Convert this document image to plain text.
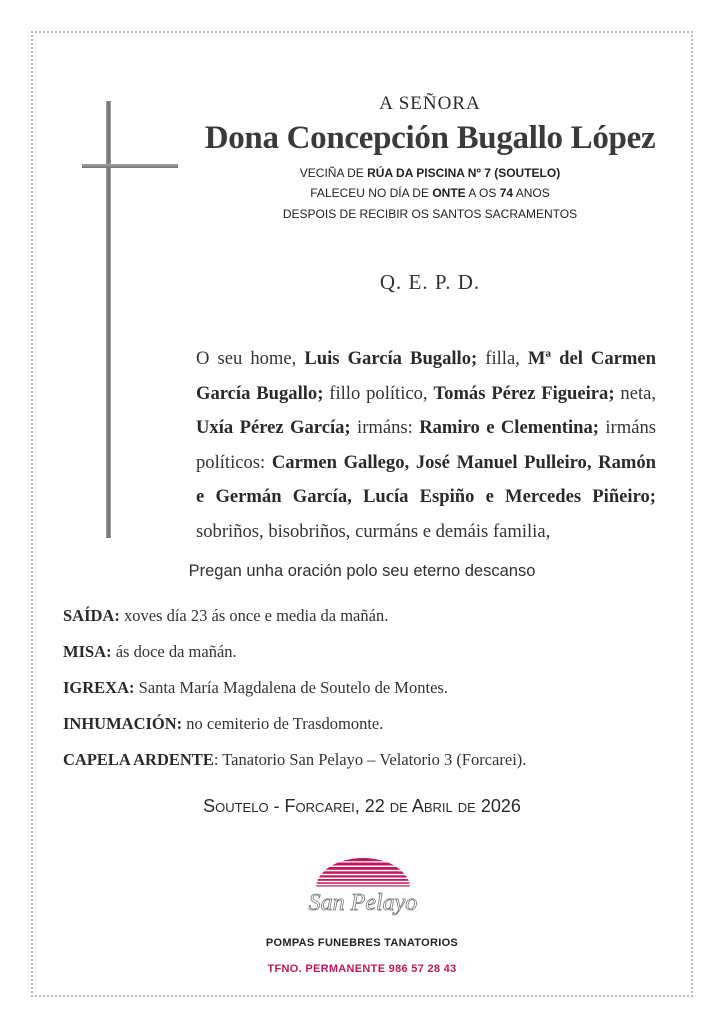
A SEÑORA
Dona Concepción Bugallo López
VECIÑA DE RÚA DA PISCINA Nº 7 (SOUTELO)
FALECEU NO DÍA DE ONTE A OS 74 ANOS
DESPOIS DE RECIBIR OS SANTOS SACRAMENTOS
Q. E. P. D.
O seu home, Luis García Bugallo; filla, Mª del Carmen García Bugallo; fillo político, Tomás Pérez Figueira; neta, Uxía Pérez García; irmáns: Ramiro e Clementina; irmáns políticos: Carmen Gallego, José Manuel Pulleiro, Ramón e Germán García, Lucía Espiño e Mercedes Piñeiro; sobriños, bisobriños, curmáns e demáis familia,
Pregan unha oración polo seu eterno descanso
SAÍDA: xoves día 23 ás once e media da mañán.
MISA: ás doce da mañán.
IGREXA: Santa María Magdalena de Soutelo de Montes.
INHUMACIÓN: no cemiterio de Trasdomonte.
CAPELA ARDENTE: Tanatorio San Pelayo – Velatorio 3 (Forcarei).
Soutelo - Forcarei, 22 de Abril de 2026
San Pelayo
POMPAS FUNEBRES TANATORIOS
TFNO. PERMANENTE 986 57 28 43
